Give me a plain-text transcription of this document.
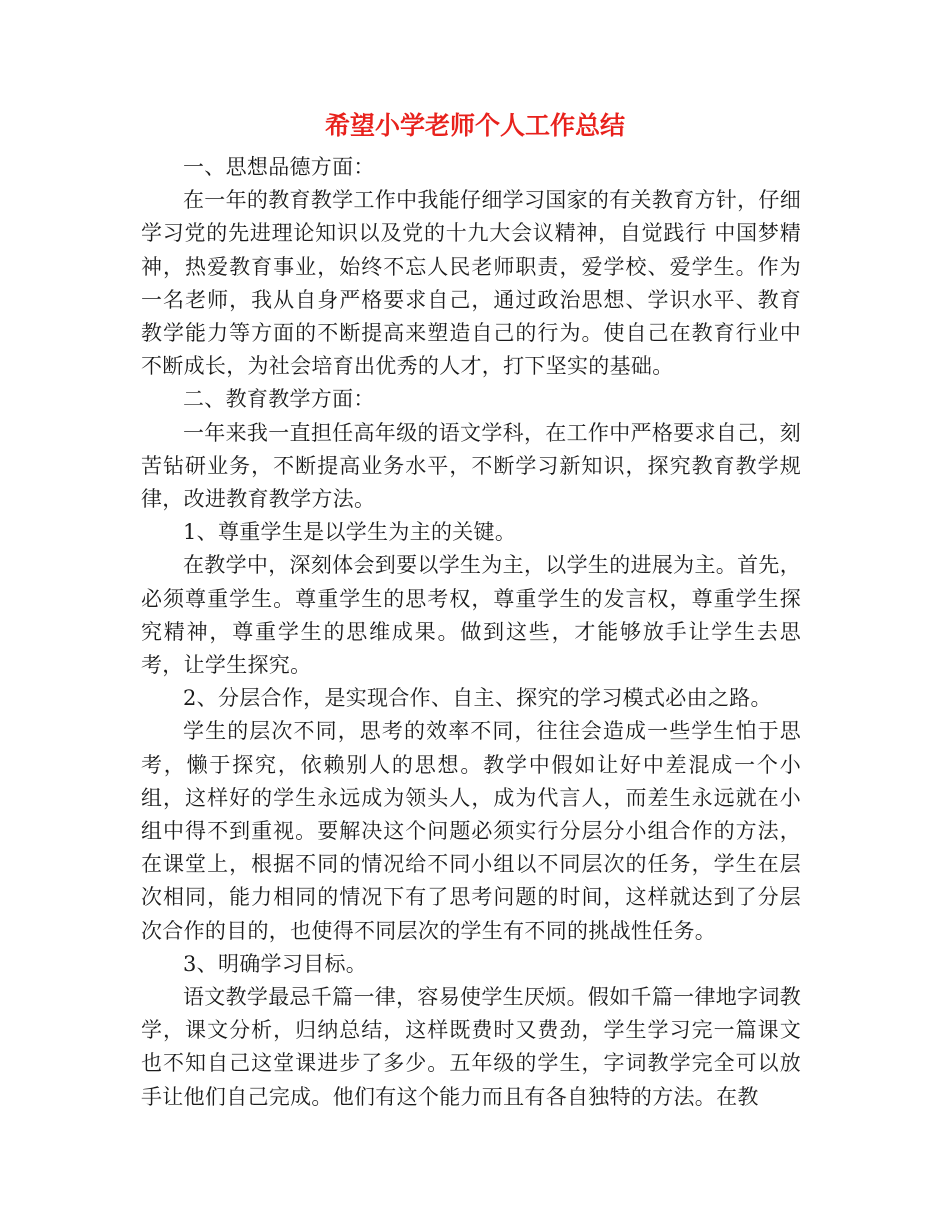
希望小学老师个人工作总结

一、思想品德方面：

在一年的教育教学工作中我能仔细学习国家的有关教育方针，仔细学习党的先进理论知识以及党的十九大会议精神，自觉践行 中国梦精神，热爱教育事业，始终不忘人民老师职责，爱学校、爱学生。作为一名老师，我从自身严格要求自己，通过政治思想、学识水平、教育教学能力等方面的不断提高来塑造自己的行为。使自己在教育行业中不断成长，为社会培育出优秀的人才，打下坚实的基础。

二、教育教学方面：

一年来我一直担任高年级的语文学科，在工作中严格要求自己，刻苦钻研业务，不断提高业务水平，不断学习新知识，探究教育教学规律，改进教育教学方法。

1、尊重学生是以学生为主的关键。

在教学中，深刻体会到要以学生为主，以学生的进展为主。首先，必须尊重学生。尊重学生的思考权，尊重学生的发言权，尊重学生探究精神，尊重学生的思维成果。做到这些，才能够放手让学生去思考，让学生探究。

2、分层合作，是实现合作、自主、探究的学习模式必由之路。

学生的层次不同，思考的效率不同，往往会造成一些学生怕于思考，懒于探究，依赖别人的思想。教学中假如让好中差混成一个小组，这样好的学生永远成为领头人，成为代言人，而差生永远就在小组中得不到重视。要解决这个问题必须实行分层分小组合作的方法，在课堂上，根据不同的情况给不同小组以不同层次的任务，学生在层次相同，能力相同的情况下有了思考问题的时间，这样就达到了分层次合作的目的，也使得不同层次的学生有不同的挑战性任务。

3、明确学习目标。

语文教学最忌千篇一律，容易使学生厌烦。假如千篇一律地字词教学，课文分析，归纳总结，这样既费时又费劲，学生学习完一篇课文也不知自己这堂课进步了多少。五年级的学生，字词教学完全可以放手让他们自己完成。他们有这个能力而且有各自独特的方法。在教
